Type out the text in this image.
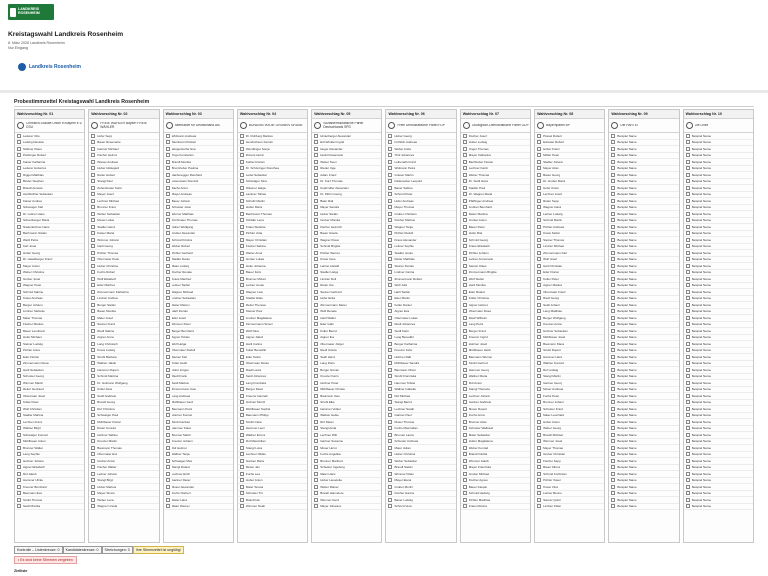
LANDKREIS
ROSENHEIM
Kreistagswahl Landkreis Rosenheim
8. März 2026 Landkreis Rosenheim
Nur Eingang
Landkreis Rosenheim
Probestimmzettel Kreistagswahl Landkreis Rosenheim
Wahlvorschlag Nr. 01
Christlich-Soziale Union in Bayern e.V. CSU
Lederer Otto
Ludwig Daniela
Stöttner Klaus
Pöckinger Robert
Kaiser Katharina
Lederer Hubertus
Riggel Matthias
Binder Stephan
Brandl Annette
Aschbichler Sebastian
Kaiser Andrea
Schweiger Karl
Dr. Leitner Hans
Schamberger Maria
Niederlechner Hans
Bachmann Stefan
Weiß Petra
Karl Josef
Huber Georg
Dr. Haselberger Franz
Mayer Anton
Weber Christine
Gruber Josef
Wagner Peter
Schmid Sabine
Kraus Andreas
Berger Johann
Lindner Stefanie
Maier Thomas
Fischer Markus
Bauer Leonhard
Hofer Michael
Steiner Ludwig
Pichler Anna
Eder Florian
Zimmermann Rosa
Hartl Sebastian
Schuster Georg
Wimmer Martin
Reiter Gertraud
Obermaier Josef
Koller Peter
Wolf Christian
Stadler Martina
Lechner Franz
Wallner Birgit
Schwaiger Konrad
Mühlbauer Anton
Brunner Walter
Lang Sophie
Holzner Johann
Aigner Elisabeth
Ruf Jakob
Hammer Ulrike
Kreuzer Bernhard
Baumann Eva
Strobl Thomas
Seidl Monika
Wahlvorschlag Nr. 02
FREIE WÄHLER Bayern FREIE WÄHLER
Hofer Sepp
Bauer Rosemarie
Gartner Michael
Fischer Helmut
Wieser Andreas
Huber Hildegard
Reiter Hubert
Stangl Paul
Zehentmaier Karin
Mayer Josef
Lechner Michael
Brunner Franz
Weber Sebastian
Moser Lukas
Stadler Heinz
Kaiser Maria
Wimmer Johann
Hartl Georg
Pichler Thomas
Obermeier Peter
Huber Christine
Fuchs Robert
Wolf Elisabeth
Eder Manfred
Zimmermann Katharina
Lindner Andrea
Berger Stefan
Bauer Monika
Maier Josef
Steiner Franz
Riedl Sabine
Aigner Anna
Lang Christoph
Kraus Ludwig
Strobl Barbara
Wallner Jakob
Hammer Rupert
Schmid Martina
Dr. Hofmann Wolfgang
Koller Alois
Seidl Gabriele
Brandl Georg
Ruf Christina
Schwaiger Paul
Mühlbauer Florian
Reiter Konrad
Holzner Sabine
Kreuzer Martin
Baumann Thomas
Obermaier Eva
Gruber Anton
Fischer Walter
Leitner Johann
Stangl Birgit
Huber Markus
Mayer Simon
Weber Lena
Wagner Ursula
Wahlvorschlag Nr. 03
Alternative für Deutschland AfD
Widmann Andreas
Steinhart Christian
Weigerstorfer Eva
Pogo Konstantin
Brandl Monika
Brunnhuber Paulina
Hanfenegger Reinhard
Löwenstein Dominik
Sachs Anton
Mayer Andreas
Bauer Johann
Schuster Josef
Werner Matthias
Kirchmaier Thomas
Huber Wolfgang
Gruber Alexander
Schmid Kristina
Weber Robert
Pichler Gerhard
Stadler Daniel
Maier Ludwig
Fischer Renate
Kraus Manfred
Leitner Stefan
Wagner Michael
Lindner Sebastian
Reiter Marion
Hartl Florian
Eder Josef
Wimmer Peter
Berger Bernhard
Aigner Tobias
Wolf Helga
Obermaier Rudolf
Steiner Karl
Koller Heidi
Hofer Jürgen
Riedl Frank
Seidl Markus
Zimmermann Uwe
Lang Andreas
Mühlbauer Gerd
Baumann Petra
Holzner Konrad
Strobl Herbert
Hammer Klaus
Brunner Martin
Kreuzer Johann
Ruf Helmut
Wallner Tanja
Schwaiger Max
Stangl Roland
Lechner Erich
Gartner Dieter
Moser Alexander
Fuchs Norbert
Reiter Hans
Maier Werner
Wahlvorschlag Nr. 04
BÜNDNIS 90/DIE GRÜNEN GRÜNE
Dr. Ruhberg Markus
Hendrichson Kerstin
Wendlinger Sonja
Dimers Heinz
Kobler Florian
Dr. Schöninger Dorothea
Ledel Sebastian
Schwaiger Sina
Wiesner Helga
Lackner Tobias
Schultz Martin
Huber Maria
Bachmann Thomas
Schäfer Lena
Kraus Stefanie
Pichler Julia
Mayer Christian
Fischer Sabine
Weber Anna
Gruber Lukas
Hofer Johanna
Bauer Felix
Brunner Miriam
Leitner Jonas
Wagner Lisa
Stadler Elias
Reiter Theresa
Steiner Paul
Lindner Magdalena
Zimmermann Simon
Wolf Nina
Aigner Jakob
Hartl Carina
Koller Benedikt
Eder Katrin
Obermaier Daniel
Riedl Laura
Seidl Johannes
Lang Franziska
Berger David
Kreuzer Hannah
Holzner Moritz
Mühlbauer Sophia
Baumann Philipp
Strobl Clara
Hammer Leon
Wallner Emma
Ruf Maximilian
Stangl Luisa
Lechner Niklas
Gartner Marie
Moser Jan
Fuchs Lea
Huber Anton
Maier Teresa
Schuster Tim
Brandl Ida
Wimmer Noah
Wahlvorschlag Nr. 05
Sozialdemokratische Partei Deutschlands SPD
Hinterberger Alexander
Ertl-Winkler Ingrid
Heger Alexander
Heckl Rosemarie
Weber Sven
Rieder Inge
Adam Franz
Dr. Kurz Thomas
Kopfmüller Alexander
Dr. Plöhn Georg
Baier Ralf
Mayer Sandra
Huber Stefan
Gruber Monika
Fischer Heinrich
Bauer Gisela
Wagner Klaus
Schmid Brigitte
Pichler Werner
Kraus Irene
Leitner Harald
Stadler Helga
Lindner Rolf
Reiter Ute
Steiner Gerhard
Hofer Erika
Zimmermann Dieter
Wolf Renate
Hartl Walter
Eder Gabi
Koller Bernd
Aigner Ilse
Obermaier Jürgen
Riedl Ursula
Seidl Heinz
Lang Doris
Berger Günter
Kreuzer Karin
Holzner Peter
Mühlbauer Christa
Baumann Uwe
Strobl Elke
Hammer Volker
Wallner Heike
Ruf Dieter
Stangl Anita
Lechner Willi
Gartner Susanne
Moser Horst
Fuchs Angelika
Brunner Manfred
Schuster Ingeborg
Maier Hans
Huber Lieselotte
Weber Rainer
Brandl Hannelore
Wimmer Gerd
Mayer Johanna
Wahlvorschlag Nr. 06
Freie Demokratische Partei FDP
Huber Georg
Fröhlich Andreas
Weber Anita
Thöl Johannes
Leibenath Franz
Widmann Petra
Grieser Martin
Kaltenecker Leopold
Bauer Sabine
Schmid Peter
Hofer Andreas
Mayer Thomas
Gruber Christian
Fischer Markus
Wagner Tanja
Pichler Rudolf
Kraus Alexander
Leitner Sophie
Stadler Jonas
Reiter Matthias
Steiner Florian
Lindner Carina
Zimmermann Robert
Wolf Julia
Hartl Stefan
Eder Martin
Koller Daniel
Aigner Eva
Obermaier Lukas
Riedl Johannes
Seidl Karin
Lang Benedikt
Berger Katharina
Kreuzer Felix
Holzner Ralf
Mühlbauer Sandra
Baumann Oliver
Strobl Franziska
Hammer Tobias
Wallner Isabella
Ruf Michael
Stangl Bernd
Lechner Sarah
Gartner Paul
Moser Thomas
Fuchs Maximilian
Brunner Laura
Schuster Andreas
Maier Julian
Huber Christina
Weber Sebastian
Brandl Stefan
Wimmer Kilian
Mayer Elena
Gruber Moritz
Fischer Hanna
Bauer Ludwig
Schmid Vera
Wahlvorschlag Nr. 07
Ökologisch-Demokratische Partei ÖDP
Fischer Josef
Huber Ludwig
Unger Thomas
Mayer Katharina
Bachhuber Florian
Lechner Katrin
Weber Thomas
Dr. Seidl Hans
Stadler Paul
Dr. Wagner Maria
Pfaffinger Andreas
Lindner Bernhard
Reiter Martina
Gruber Anton
Bauer Peter
Hofer Rita
Schmid Georg
Kraus Elisabeth
Pichler Johann
Leitner Annemarie
Steiner Klaus
Zimmermann Brigitte
Wolf Stefan
Hartl Monika
Eder Roland
Koller Christine
Aigner Helmut
Obermaier Rosa
Riedl Wilhelm
Lang Petra
Berger Franz
Kreuzer Ingrid
Holzner Josef
Mühlbauer Heidi
Baumann Werner
Strobl Gertrud
Hammer Georg
Wallner Maria
Ruf Anton
Stangl Theresia
Lechner Johann
Gartner Gabriele
Moser Rupert
Fuchs Anna
Brunner Alois
Schuster Waltraud
Maier Sebastian
Huber Magdalena
Weber Konrad
Brandl Cäcilia
Wimmer Jakob
Mayer Franziska
Gruber Michael
Fischer Agnes
Bauer Kaspar
Schmid Hedwig
Pichler Matthias
Kraus Rosina
Wahlvorschlag Nr. 08
Bayernpartei BP
Pössel Robert
Edmaier Robert
Huber Franz
Müller Peter
Stadler Johann
Mayer Alois
Bauer Georg
Dr. Gruber Maria
Hofer Anton
Lechner Josef
Reiter Sepp
Wagner Hans
Leitner Ludwig
Schmid Martin
Pichler Andreas
Kraus Stefan
Steiner Thomas
Lindner Michael
Zimmermann Karl
Wolf Josef
Hartl Christian
Eder Florian
Koller Peter
Aigner Markus
Obermaier Franz
Riedl Georg
Seidl Johann
Lang Matthias
Berger Wolfgang
Kreuzer Anton
Holzner Sebastian
Mühlbauer Josef
Baumann Klaus
Strobl Rupert
Hammer Hans
Wallner Konrad
Ruf Ludwig
Stangl Martin
Gartner Georg
Moser Andreas
Fuchs Peter
Brunner Johann
Schuster Franz
Maier Leonhard
Huber Anton
Weber Georg
Brandl Michael
Wimmer Josef
Mayer Thomas
Gruber Christian
Fischer Sepp
Bauer Alfons
Schmid Korbinian
Pichler Xaver
Kraus Vitus
Leitner Benno
Steiner Quirin
Lindner Kilian
Wahlvorschlag Nr. 09
Die PARTEI
Beispiel Name
Beispiel Name
Beispiel Name
Beispiel Name
Beispiel Name
Beispiel Name
Beispiel Name
Beispiel Name
Beispiel Name
Beispiel Name
Beispiel Name
Beispiel Name
Beispiel Name
Beispiel Name
Beispiel Name
Beispiel Name
Beispiel Name
Beispiel Name
Beispiel Name
Beispiel Name
Beispiel Name
Beispiel Name
Beispiel Name
Beispiel Name
Beispiel Name
Beispiel Name
Beispiel Name
Beispiel Name
Beispiel Name
Beispiel Name
Beispiel Name
Beispiel Name
Beispiel Name
Beispiel Name
Beispiel Name
Beispiel Name
Beispiel Name
Beispiel Name
Beispiel Name
Beispiel Name
Beispiel Name
Beispiel Name
Beispiel Name
Beispiel Name
Beispiel Name
Beispiel Name
Beispiel Name
Beispiel Name
Beispiel Name
Beispiel Name
Beispiel Name
Beispiel Name
Beispiel Name
Beispiel Name
Beispiel Name
Beispiel Name
Beispiel Name
Beispiel Name
Wahlvorschlag Nr. 10
Die Linke
Beispiel Name
Beispiel Name
Beispiel Name
Beispiel Name
Beispiel Name
Beispiel Name
Beispiel Name
Beispiel Name
Beispiel Name
Beispiel Name
Beispiel Name
Beispiel Name
Beispiel Name
Beispiel Name
Beispiel Name
Beispiel Name
Beispiel Name
Beispiel Name
Beispiel Name
Beispiel Name
Beispiel Name
Beispiel Name
Beispiel Name
Beispiel Name
Beispiel Name
Beispiel Name
Beispiel Name
Beispiel Name
Beispiel Name
Beispiel Name
Beispiel Name
Beispiel Name
Beispiel Name
Beispiel Name
Beispiel Name
Beispiel Name
Beispiel Name
Beispiel Name
Beispiel Name
Beispiel Name
Beispiel Name
Beispiel Name
Beispiel Name
Beispiel Name
Beispiel Name
Beispiel Name
Beispiel Name
Beispiel Name
Beispiel Name
Beispiel Name
Beispiel Name
Beispiel Name
Beispiel Name
Beispiel Name
Beispiel Name
Beispiel Name
Beispiel Name
Beispiel Name
Kontrolle – Listenkreuze: 0	Kandidatenkreuze: 0	Streichungen: 0	Ihre Stimmzettel ist ungültig!
• Es sind keine Stimmen vergeben
Zielliste
